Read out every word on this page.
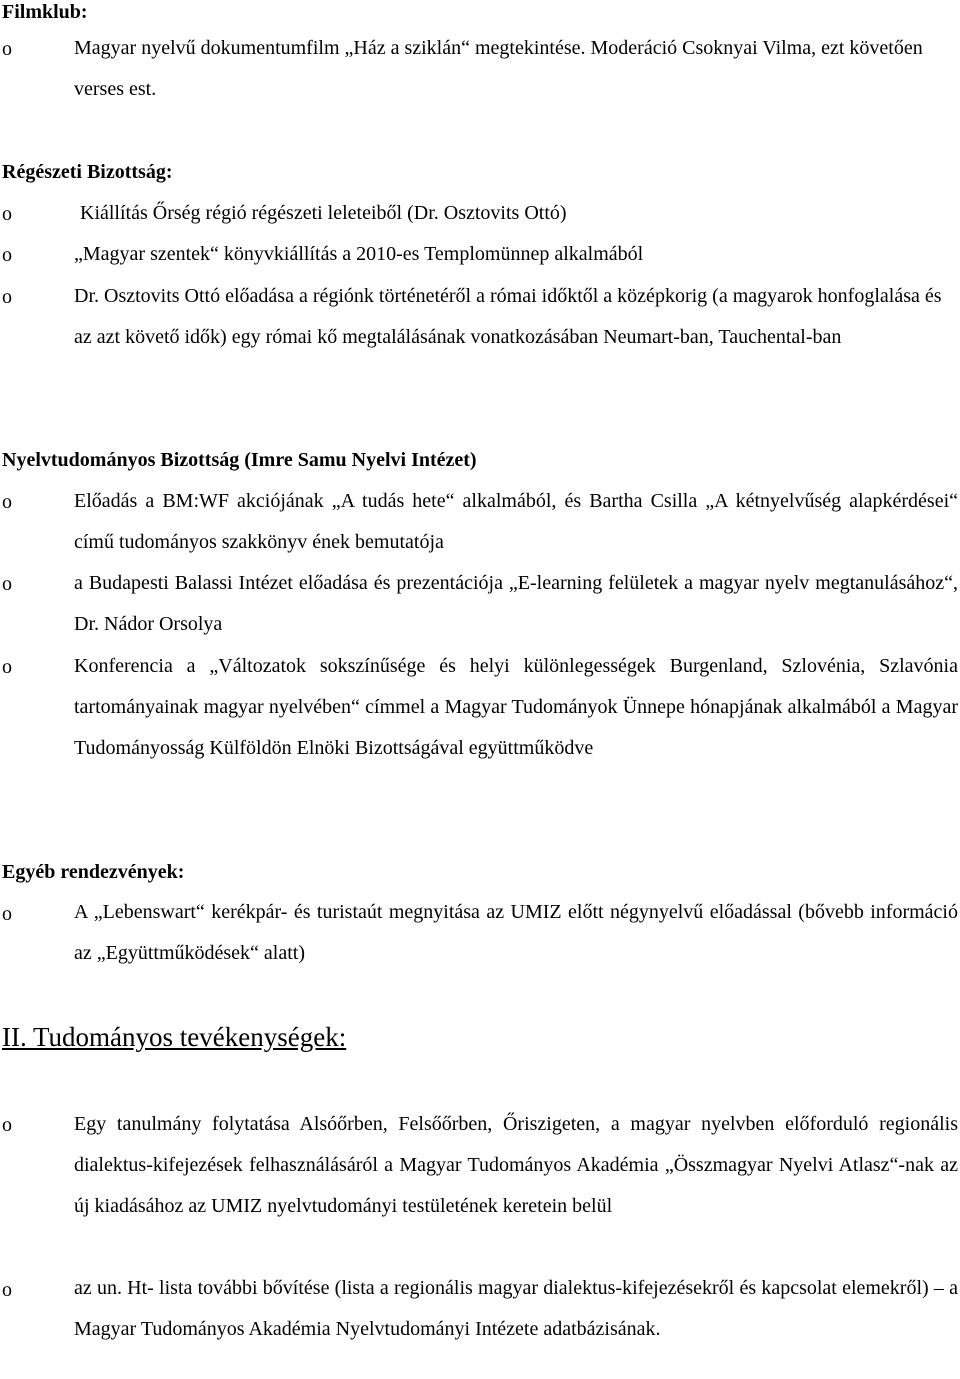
Filmklub:
o	Magyar nyelvű dokumentumfilm „Ház a sziklán“ megtekintése. Moderáció Csoknyai Vilma, ezt követően verses est.
Régészeti Bizottság:
o	Kiállítás Őrség régió régészeti leleteiből (Dr. Osztovits Ottó)
o	„Magyar szentek“ könyvkiállítás a 2010-es Templomünnep alkalmából
o	Dr. Osztovits Ottó előadása a régiónk történetéről a római időktől a középkorig (a magyarok honfoglalása és az azt követő idők) egy római kő megtalálásának vonatkozásában Neumart-ban, Tauchental-ban
Nyelvtudományos Bizottság (Imre Samu Nyelvi Intézet)
o	Előadás a BM:WF akciójának „A tudás hete“ alkalmából, és Bartha Csilla „A kétnyelvűség alapkérdései“ című tudományos szakkönyv ének bemutatója
o	a Budapesti Balassi Intézet előadása és prezentációja „E-learning felületek a magyar nyelv megtanulásához“, Dr. Nádor Orsolya
o	Konferencia a „Változatok sokszínűsége és helyi különlegességek Burgenland, Szlovénia, Szlavónia tartományainak magyar nyelvében“ címmel a Magyar Tudományok Ünnepe hónapjának alkalmából a Magyar Tudományosság Külföldön Elnöki Bizottságával együttműködve
Egyéb rendezvények:
o	A „Lebenswart“ kerékpár- és turistaút megnyitása az UMIZ előtt négynyelvű előadással (bővebb információ az „Együttműködések“ alatt)
II. Tudományos tevékenységek:
o	Egy tanulmány folytatása Alsóőrben, Felsőőrben, Őriszigeten, a magyar nyelvben előforduló regionális dialektus-kifejezések felhasználásáról a Magyar Tudományos Akadémia „Összmagyar Nyelvi Atlasz“-nak az új kiadásához az UMIZ nyelvtudományi testületének keretein belül
o	az un. Ht- lista további bővítése (lista a regionális magyar dialektus-kifejezésekről és kapcsolat elemekről) – a Magyar Tudományos Akadémia Nyelvtudományi Intézete adatbázisának.
